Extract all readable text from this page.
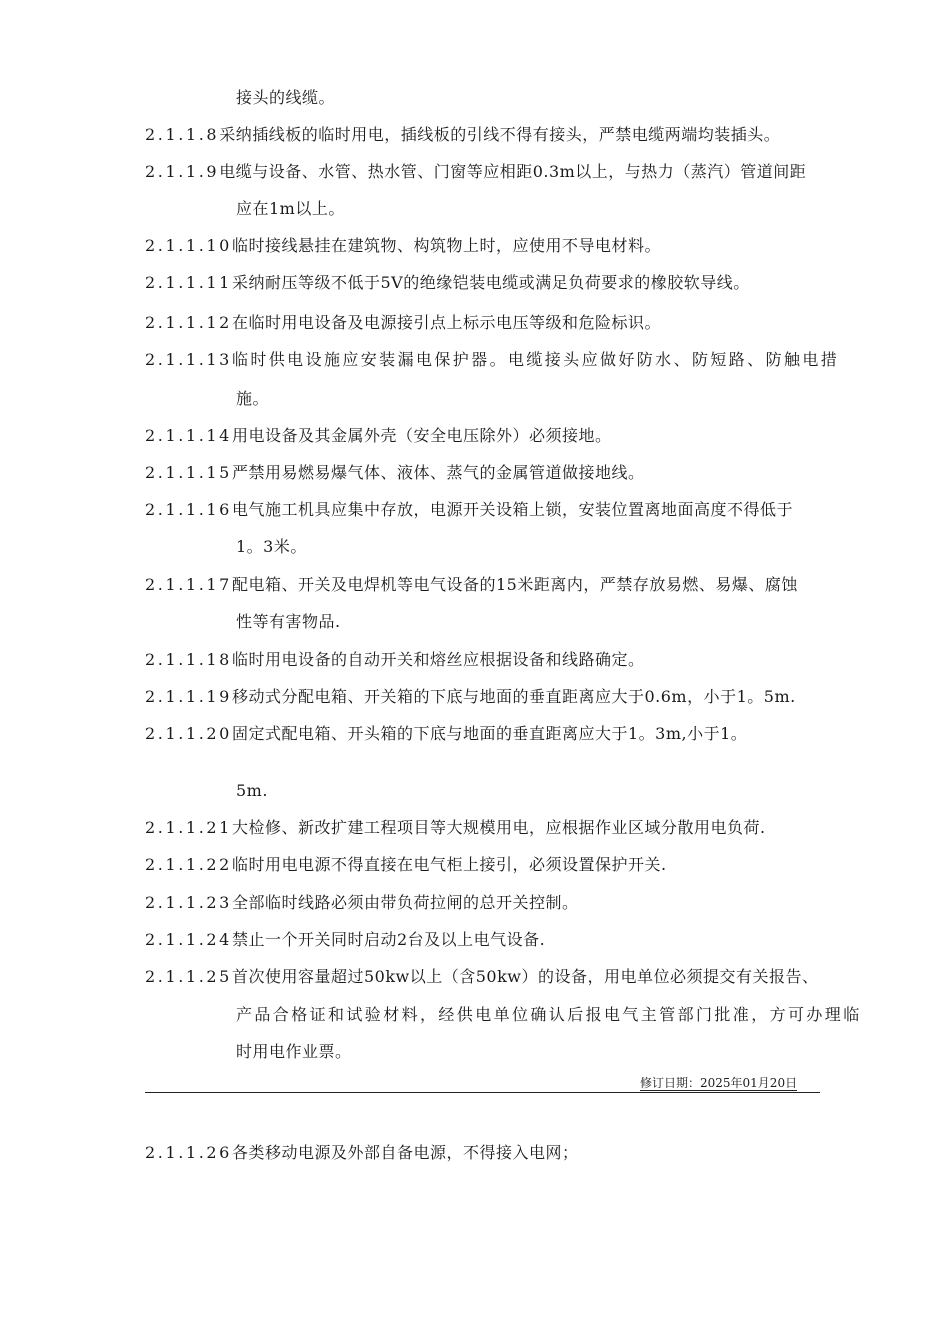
接头的线缆。
2.1.1.8采纳插线板的临时用电，插线板的引线不得有接头，严禁电缆两端均装插头。
2.1.1.9电缆与设备、水管、热水管、门窗等应相距0.3m以上，与热力（蒸汽）管道间距
应在1m以上。
2.1.1.10临时接线悬挂在建筑物、构筑物上时，应使用不导电材料。
2.1.1.11采纳耐压等级不低于5V的绝缘铠装电缆或满足负荷要求的橡胶软导线。
2.1.1.12在临时用电设备及电源接引点上标示电压等级和危险标识。
2.1.1.13临时供电设施应安装漏电保护器。电缆接头应做好防水、防短路、防触电措
施。
2.1.1.14用电设备及其金属外壳（安全电压除外）必须接地。
2.1.1.15严禁用易燃易爆气体、液体、蒸气的金属管道做接地线。
2.1.1.16电气施工机具应集中存放，电源开关设箱上锁，安装位置离地面高度不得低于
1。3米。
2.1.1.17配电箱、开关及电焊机等电气设备的15米距离内，严禁存放易燃、易爆、腐蚀
性等有害物品.
2.1.1.18临时用电设备的自动开关和熔丝应根据设备和线路确定。
2.1.1.19移动式分配电箱、开关箱的下底与地面的垂直距离应大于0.6m，小于1。5m.
2.1.1.20固定式配电箱、开头箱的下底与地面的垂直距离应大于1。3m,小于1。
5m.
2.1.1.21大检修、新改扩建工程项目等大规模用电，应根据作业区域分散用电负荷.
2.1.1.22临时用电电源不得直接在电气柜上接引，必须设置保护开关.
2.1.1.23全部临时线路必须由带负荷拉闸的总开关控制。
2.1.1.24禁止一个开关同时启动2台及以上电气设备.
2.1.1.25首次使用容量超过50kw以上（含50kw）的设备，用电单位必须提交有关报告、
产品合格证和试验材料，经供电单位确认后报电气主管部门批准，方可办理临
时用电作业票。
修订日期：2025年01月20日
2.1.1.26各类移动电源及外部自备电源，不得接入电网；
